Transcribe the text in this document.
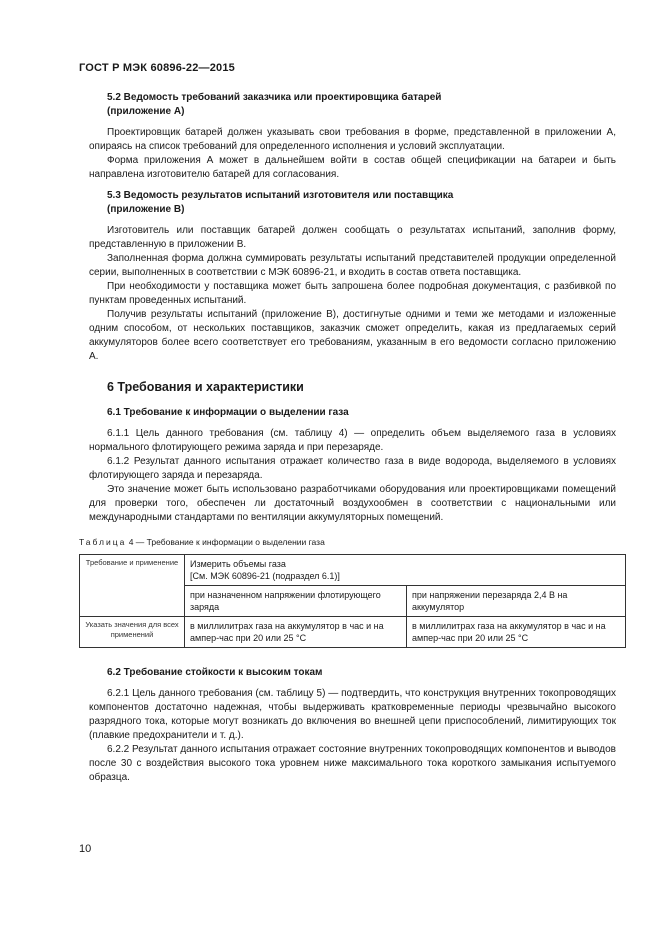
ГОСТ Р МЭК 60896-22—2015
5.2 Ведомость требований заказчика или проектировщика батарей
(приложение А)

Проектировщик батарей должен указывать свои требования в форме, представленной в приложении А, опираясь на список требований для определенного исполнения и условий эксплуатации.

Форма приложения А может в дальнейшем войти в состав общей спецификации на батареи и быть направлена изготовителю батарей для согласования.

5.3 Ведомость результатов испытаний изготовителя или поставщика
(приложение В)

Изготовитель или поставщик батарей должен сообщать о результатах испытаний, заполнив форму, представленную в приложении В.

Заполненная форма должна суммировать результаты испытаний представителей продукции определенной серии, выполненных в соответствии с МЭК 60896-21, и входить в состав ответа поставщика.

При необходимости у поставщика может быть запрошена более подробная документация, с разбивкой по пунктам проведенных испытаний.

Получив результаты испытаний (приложение В), достигнутые одними и теми же методами и изложенные одним способом, от нескольких поставщиков, заказчик сможет определить, какая из предлагаемых серий аккумуляторов более всего соответствует его требованиям, указанным в его ведомости согласно приложению А.

6 Требования и характеристики
6.1 Требование к информации о выделении газа

6.1.1 Цель данного требования (см. таблицу 4) — определить объем выделяемого газа в условиях нормального флотирующего режима заряда и при перезаряде.

6.1.2 Результат данного испытания отражает количество газа в виде водорода, выделяемого в условиях флотирующего заряда и перезаряда.

Это значение может быть использовано разработчиками оборудования или проектировщиками помещений для проверки того, обеспечен ли достаточный воздухообмен в соответствии с национальными или международными стандартами по вентиляции аккумуляторных помещений.

Таблица 4 — Требование к информации о выделении газа
Требование и применение	Измерить объемы газа
[См. МЭК 60896-21 (подраздел 6.1)]	

	при назначенном напряжении флотирующего заряда	при напряжении перезаряда 2,4 В на аккумулятор
Указать значения для всех применений	в миллилитрах газа на аккумулятор в час и на ампер-час при 20 или 25 °С	в миллилитрах газа на аккумулятор в час и на ампер-час при 20 или 25 °С
6.2 Требование стойкости к высоким токам

6.2.1 Цель данного требования (см. таблицу 5) — подтвердить, что конструкция внутренних токопроводящих компонентов достаточно надежная, чтобы выдерживать кратковременные периоды чрезвычайно высокого разрядного тока, которые могут возникать до включения во внешней цепи приспособлений, лимитирующих ток (плавкие предохранители и т. д.).

6.2.2 Результат данного испытания отражает состояние внутренних токопроводящих компонентов и выводов после 30 с воздействия высокого тока уровнем ниже максимального тока короткого замыкания испытуемого образца.

10
